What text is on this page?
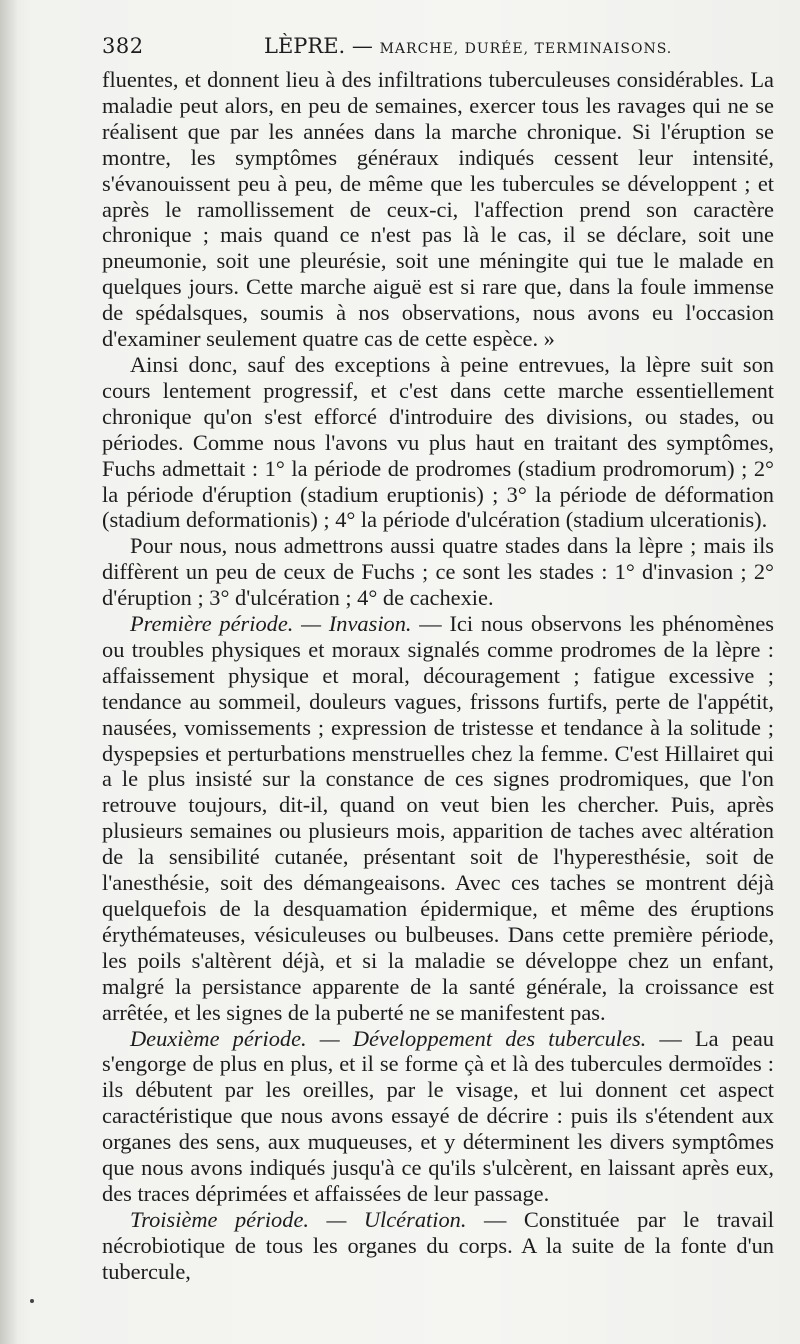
382	LÈPRE. — MARCHE, DURÉE, TERMINAISONS.

fluentes, et donnent lieu à des infiltrations tuberculeuses considérables. La maladie peut alors, en peu de semaines, exercer tous les ravages qui ne se réalisent que par les années dans la marche chronique. Si l'éruption se montre, les symptômes généraux indiqués cessent leur intensité, s'évanouissent peu à peu, de même que les tubercules se développent ; et après le ramollissement de ceux-ci, l'affection prend son caractère chronique ; mais quand ce n'est pas là le cas, il se déclare, soit une pneumonie, soit une pleurésie, soit une méningite qui tue le malade en quelques jours. Cette marche aiguë est si rare que, dans la foule immense de spédalsques, soumis à nos observations, nous avons eu l'occasion d'examiner seulement quatre cas de cette espèce. »

Ainsi donc, sauf des exceptions à peine entrevues, la lèpre suit son cours lentement progressif, et c'est dans cette marche essentiellement chronique qu'on s'est efforcé d'introduire des divisions, ou stades, ou périodes. Comme nous l'avons vu plus haut en traitant des symptômes, Fuchs admettait : 1° la période de prodromes (stadium prodromorum) ; 2° la période d'éruption (stadium eruptionis) ; 3° la période de déformation (stadium deformationis) ; 4° la période d'ulcération (stadium ulcerationis).

Pour nous, nous admettrons aussi quatre stades dans la lèpre ; mais ils diffèrent un peu de ceux de Fuchs ; ce sont les stades : 1° d'invasion ; 2° d'éruption ; 3° d'ulcération ; 4° de cachexie.

Première période. — Invasion. — Ici nous observons les phénomènes ou troubles physiques et moraux signalés comme prodromes de la lèpre : affaissement physique et moral, découragement ; fatigue excessive ; tendance au sommeil, douleurs vagues, frissons furtifs, perte de l'appétit, nausées, vomissements ; expression de tristesse et tendance à la solitude ; dyspepsies et perturbations menstruelles chez la femme. C'est Hillairet qui a le plus insisté sur la constance de ces signes prodromiques, que l'on retrouve toujours, dit-il, quand on veut bien les chercher. Puis, après plusieurs semaines ou plusieurs mois, apparition de taches avec altération de la sensibilité cutanée, présentant soit de l'hyperesthésie, soit de l'anesthésie, soit des démangeaisons. Avec ces taches se montrent déjà quelquefois de la desquamation épidermique, et même des éruptions érythémateuses, vésiculeuses ou bulbeuses. Dans cette première période, les poils s'altèrent déjà, et si la maladie se développe chez un enfant, malgré la persistance apparente de la santé générale, la croissance est arrêtée, et les signes de la puberté ne se manifestent pas.

Deuxième période. — Développement des tubercules. — La peau s'engorge de plus en plus, et il se forme çà et là des tubercules dermoïdes : ils débutent par les oreilles, par le visage, et lui donnent cet aspect caractéristique que nous avons essayé de décrire : puis ils s'étendent aux organes des sens, aux muqueuses, et y déterminent les divers symptômes que nous avons indiqués jusqu'à ce qu'ils s'ulcèrent, en laissant après eux, des traces déprimées et affaissées de leur passage.

Troisième période. — Ulcération. — Constituée par le travail nécrobiotique de tous les organes du corps. A la suite de la fonte d'un tubercule,
